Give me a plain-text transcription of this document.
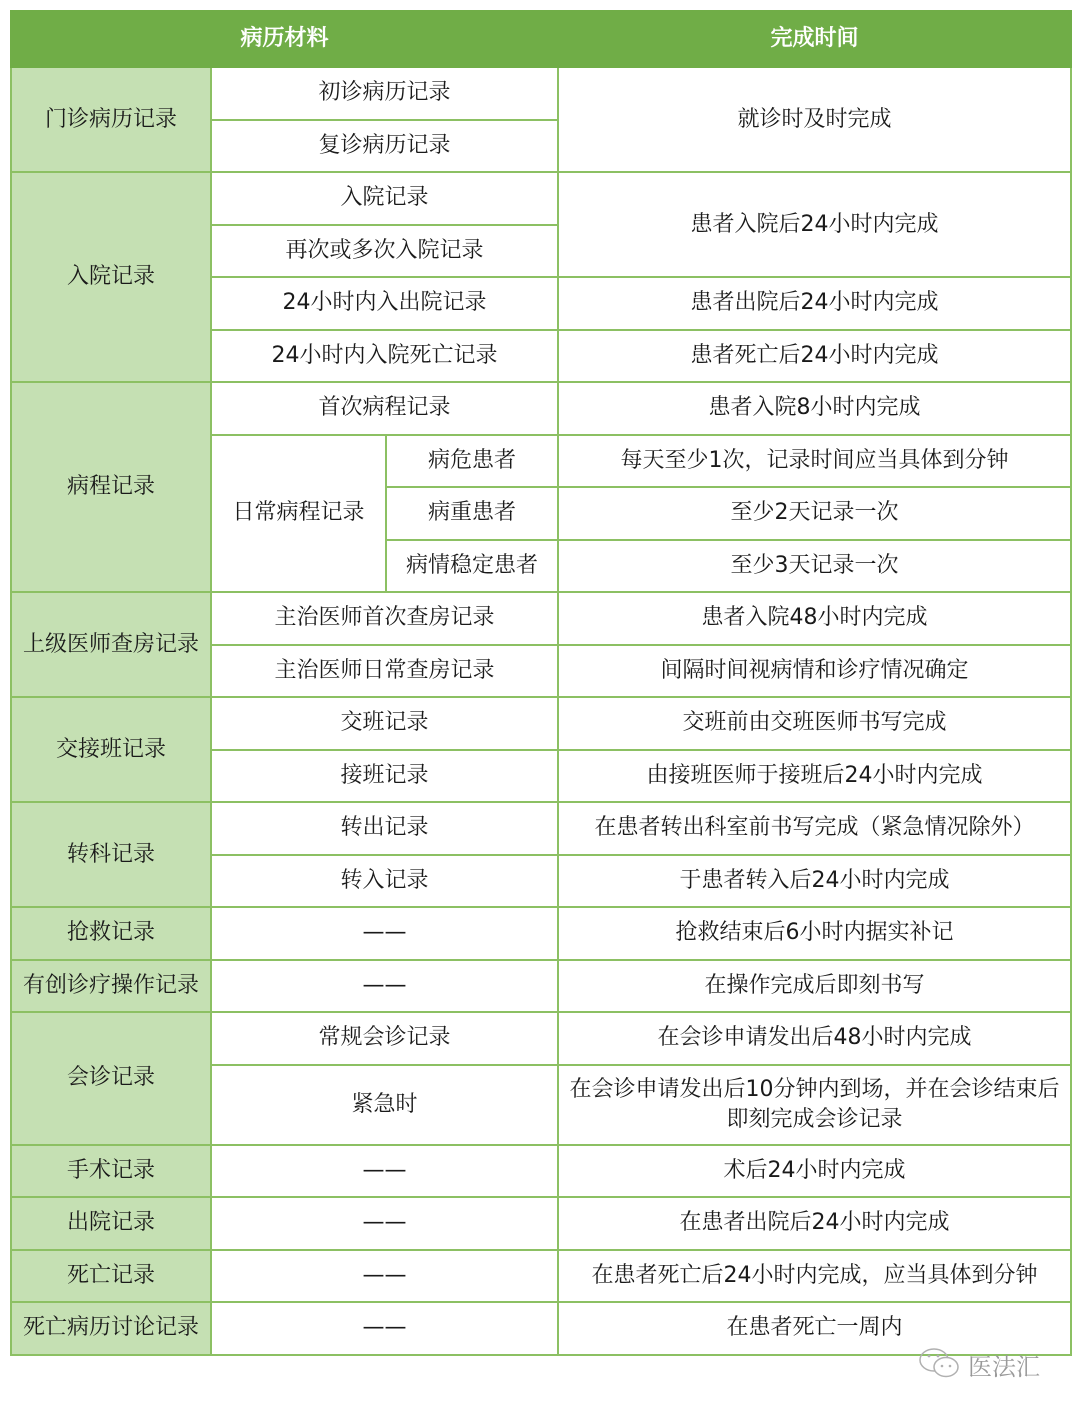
病历材料			完成时间
门诊病历记录	初诊病历记录		就诊时及时完成
	复诊病历记录		
入院记录	入院记录		患者入院后24小时内完成
	再次或多次入院记录		
	24小时内入出院记录		患者出院后24小时内完成
	24小时内入院死亡记录		患者死亡后24小时内完成
病程记录	首次病程记录		患者入院8小时内完成
	日常病程记录	病危患者	每天至少1次，记录时间应当具体到分钟
		病重患者	至少2天记录一次
		病情稳定患者	至少3天记录一次
上级医师查房记录	主治医师首次查房记录		患者入院48小时内完成
	主治医师日常查房记录		间隔时间视病情和诊疗情况确定
交接班记录	交班记录		交班前由交班医师书写完成
	接班记录		由接班医师于接班后24小时内完成
转科记录	转出记录		在患者转出科室前书写完成（紧急情况除外）
	转入记录		于患者转入后24小时内完成
抢救记录	——		抢救结束后6小时内据实补记
有创诊疗操作记录	——		在操作完成后即刻书写
会诊记录	常规会诊记录		在会诊申请发出后48小时内完成
	紧急时		在会诊申请发出后10分钟内到场，并在会诊结束后即刻完成会诊记录
手术记录	——		术后24小时内完成
出院记录	——		在患者出院后24小时内完成
死亡记录	——		在患者死亡后24小时内完成，应当具体到分钟
死亡病历讨论记录	——		在患者死亡一周内
医法汇
